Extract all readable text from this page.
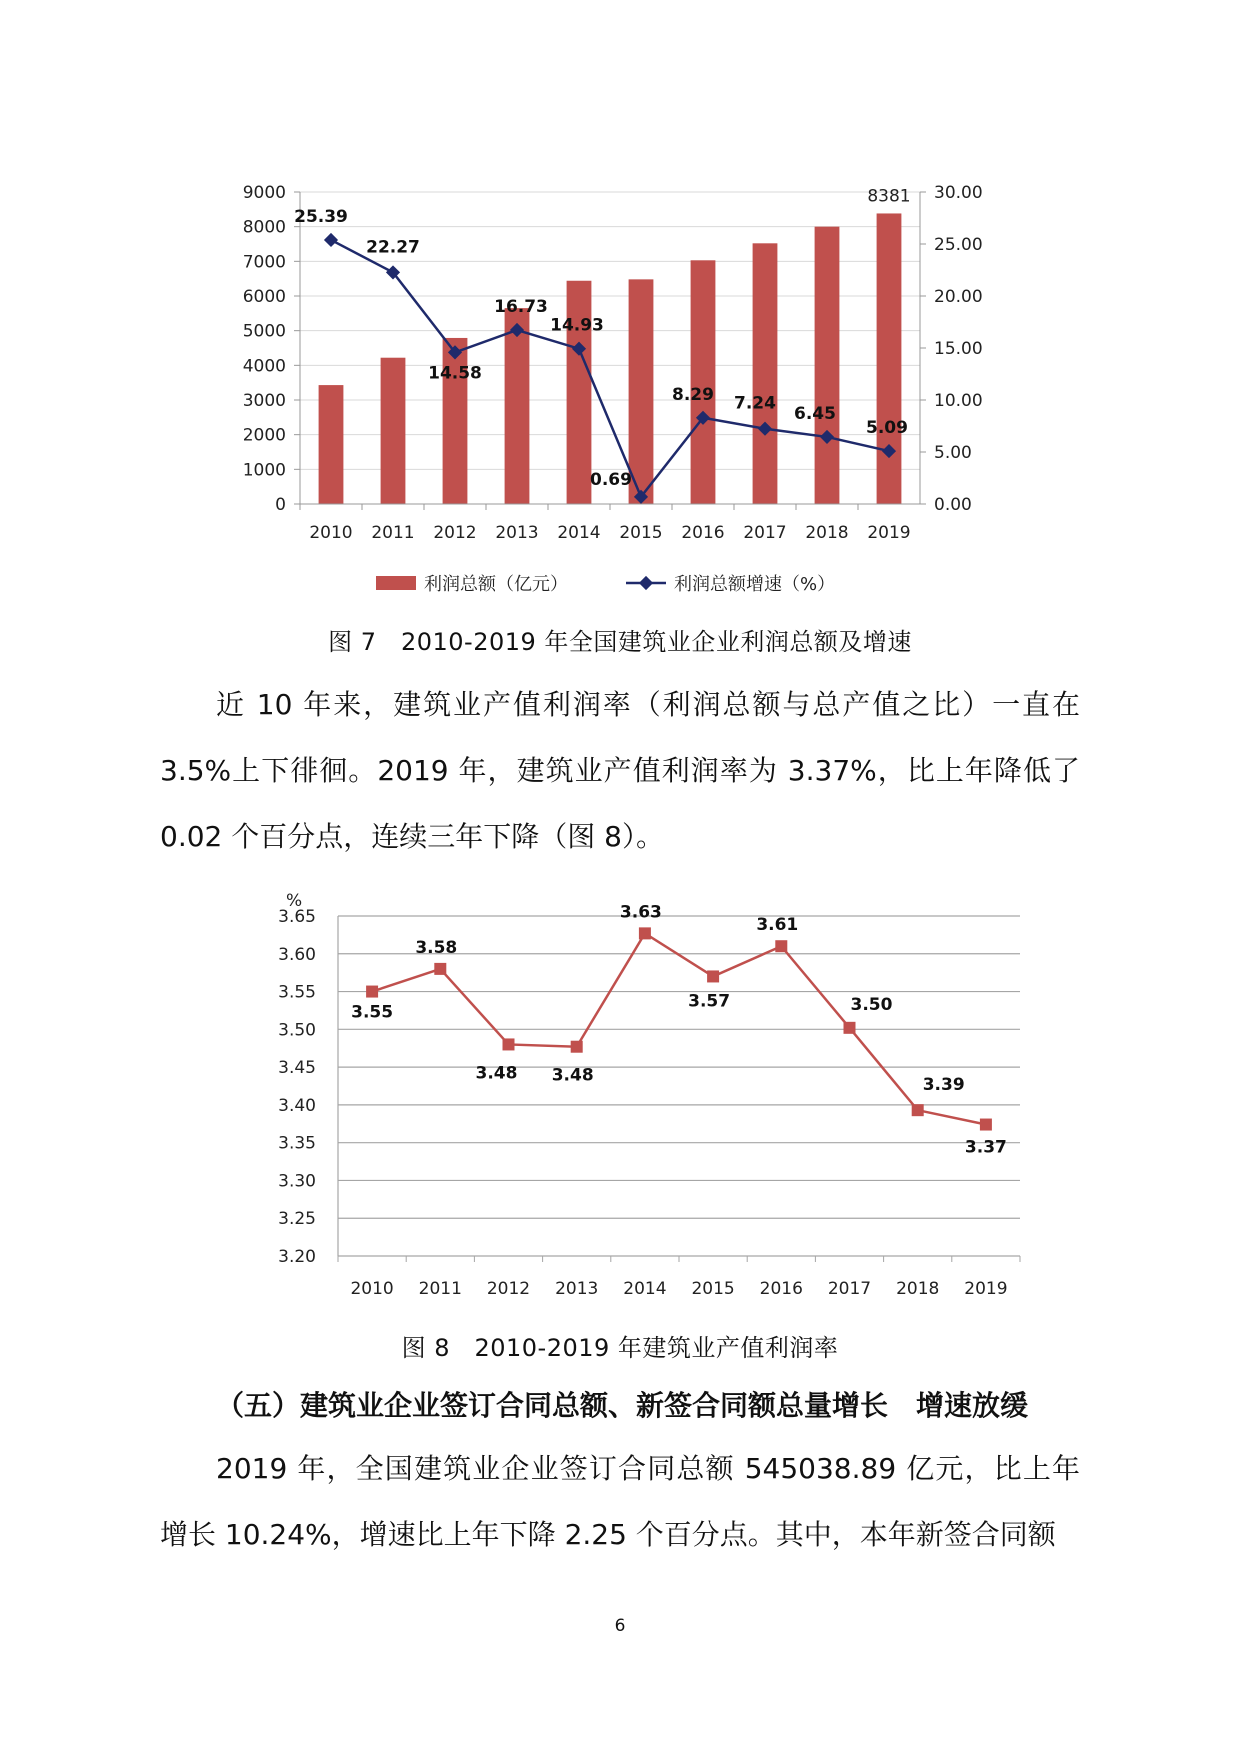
8381
0
1000
2000
3000
4000
5000
6000
7000
8000
9000
0.00
5.00
10.00
15.00
20.00
25.00
30.00
2010 2011 2012 2013 2014 2015 2016 2017 2018 2019
25.39
22.27
14.58
16.73
14.93
0.69
8.29 7.24
6.45
5.09
利润总额（亿元）	利润总额增速（%）
图 7　2010-2019 年全国建筑业企业利润总额及增速

近 10 年来，建筑业产值利润率（利润总额与总产值之比）一直在 3.5%上下徘徊。2019 年，建筑业产值利润率为 3.37%，比上年降低了 0.02 个百分点，连续三年下降（图 8）。

3.20
3.25
3.30
3.35
3.40
3.45
3.50
3.55
3.60
3.65
%
2010 2011 2012 2013 2014 2015 2016 2017 2018 2019
3.55
3.58
3.48 3.48
3.63
3.57
3.61
3.50
3.39
3.37
图 8　2010-2019 年建筑业产值利润率

（五）建筑业企业签订合同总额、新签合同额总量增长　增速放缓

2019 年，全国建筑业企业签订合同总额 545038.89 亿元，比上年增长 10.24%，增速比上年下降 2.25 个百分点。其中，本年新签合同额

6
